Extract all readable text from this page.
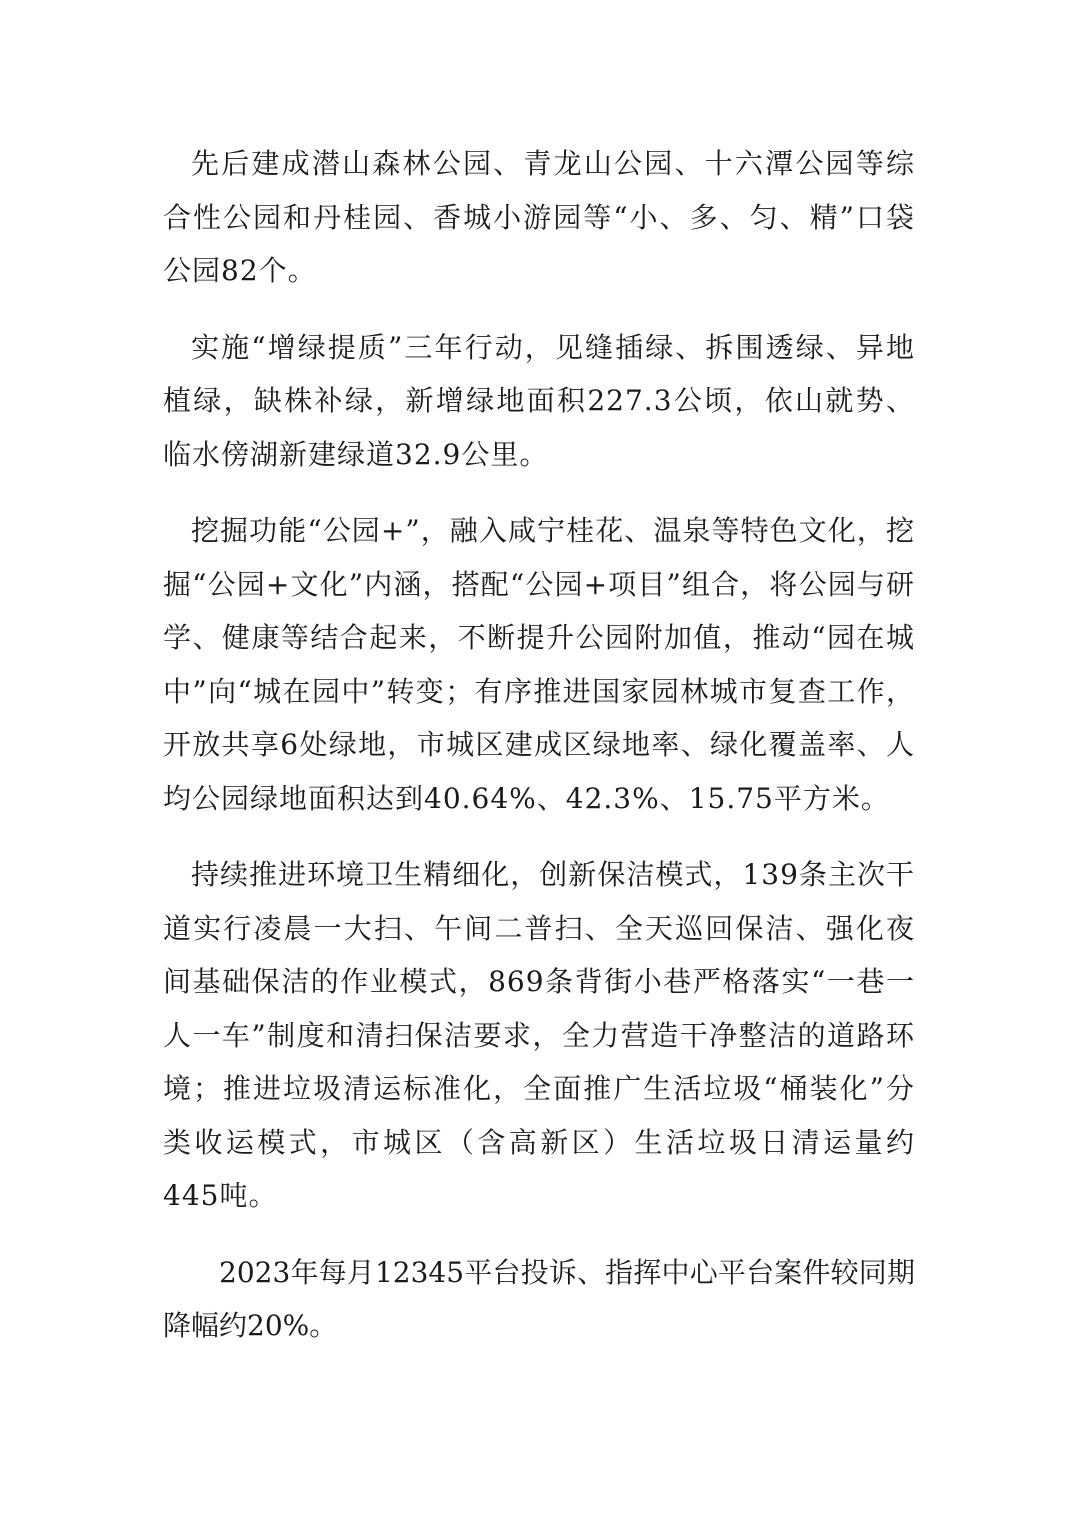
先后建成潜山森林公园、青龙山公园、十六潭公园等综合性公园和丹桂园、香城小游园等“小、多、匀、精”口袋公园82个。

实施“增绿提质”三年行动，见缝插绿、拆围透绿、异地植绿，缺株补绿，新增绿地面积227.3公顷，依山就势、临水傍湖新建绿道32.9公里。

挖掘功能“公园+”，融入咸宁桂花、温泉等特色文化，挖掘“公园+文化”内涵，搭配“公园+项目”组合，将公园与研学、健康等结合起来，不断提升公园附加值，推动“园在城中”向“城在园中”转变；有序推进国家园林城市复查工作，开放共享6处绿地，市城区建成区绿地率、绿化覆盖率、人均公园绿地面积达到40.64%、42.3%、15.75平方米。

持续推进环境卫生精细化，创新保洁模式，139条主次干道实行凌晨一大扫、午间二普扫、全天巡回保洁、强化夜间基础保洁的作业模式，869条背街小巷严格落实“一巷一人一车”制度和清扫保洁要求，全力营造干净整洁的道路环境；推进垃圾清运标准化，全面推广生活垃圾“桶装化”分类收运模式，市城区（含高新区）生活垃圾日清运量约445吨。

2023年每月12345平台投诉、指挥中心平台案件较同期降幅约20%。
